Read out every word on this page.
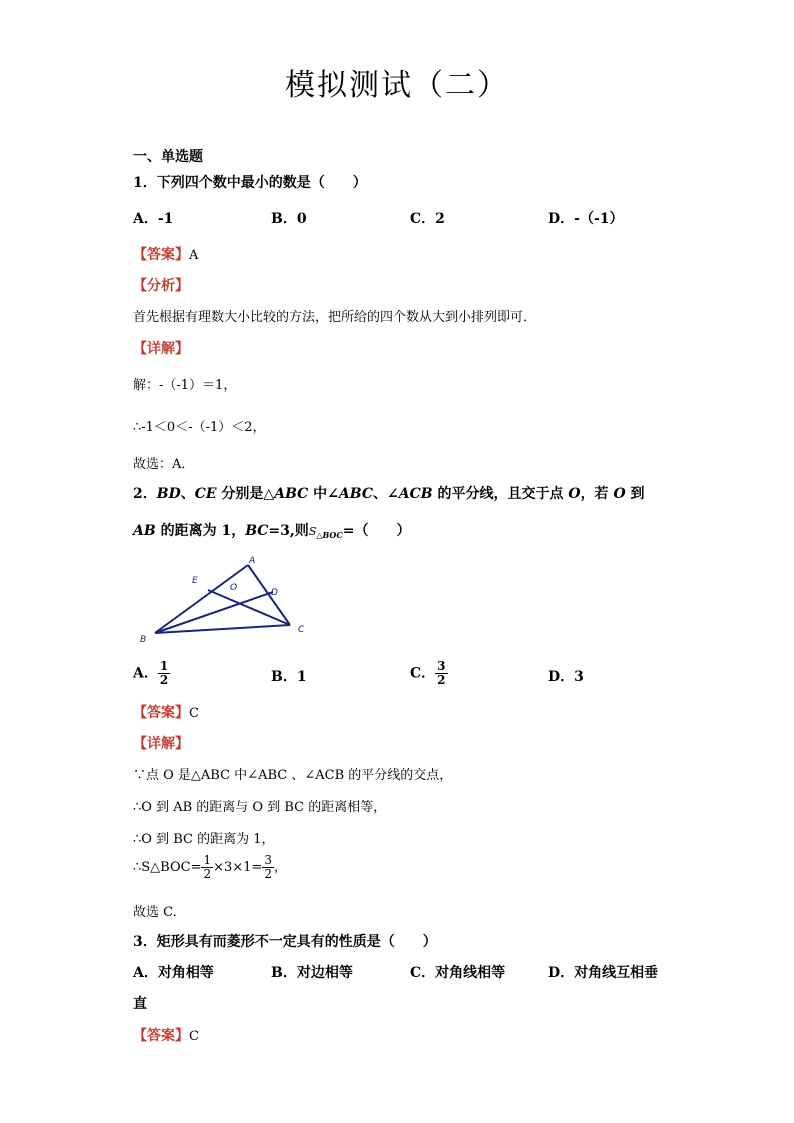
模拟测试（二）
一、单选题
1．下列四个数中最小的数是（　　）
A．-1	B．0	C．2	D．-（-1）
【答案】A
【分析】
首先根据有理数大小比较的方法，把所给的四个数从大到小排列即可．
【详解】
解：-（-1）＝1，
∴-1＜0＜-（-1）＜2，
故选：A．
2．BD、CE 分别是△ABC 中∠ABC、∠ACB 的平分线，且交于点 O，若 O 到
AB 的距离为 1，BC=3,则$S_{\triangle BOC}=$（　　）
A
B
C
D
E
O
A． $\frac{1}{2}$	B．1	C． $\frac{3}{2}$	D．3
【答案】C
【详解】
∵点 O 是△ABC 中∠ABC 、∠ACB 的平分线的交点，
∴O 到 AB 的距离与 O 到 BC 的距离相等，
∴O 到 BC 的距离为 1，
∴S△BOC= $\frac{1}{2} \times 3\times 1= \frac{3}{2}$ ，
故选 C.
3．矩形具有而菱形不一定具有的性质是（　　）
A．对角相等	B．对边相等	C．对角线相等	D．对角线互相垂
直
【答案】C
